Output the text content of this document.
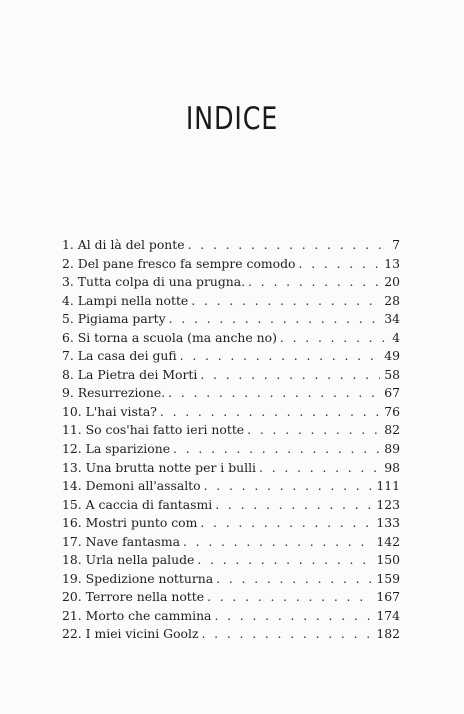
INDICE
1. Al di là del ponte . . .	7
2. Del pane fresco fa sempre comodo . . .	13
3. Tutta colpa di una prugna. . . .	20
4. Lampi nella notte . . .	28
5. Pigiama party . . .	34
6. Si torna a scuola (ma anche no) . . .	4
7. La casa dei gufi . . .	49
8. La Pietra dei Morti . . .	58
9. Resurrezione. . . .	67
10. L'hai vista? . . .	76
11. So cos'hai fatto ieri notte . . .	82
12. La sparizione . . .	89
13. Una brutta notte per i bulli . . .	98
14. Demoni all'assalto . . .	111
15. A caccia di fantasmi . . .	123
16. Mostri punto com . . .	133
17. Nave fantasma . . .	142
18. Urla nella palude . . .	150
19. Spedizione notturna . . .	159
20. Terrore nella notte . . .	167
21. Morto che cammina . . .	174
22. I miei vicini Goolz . . .	182
